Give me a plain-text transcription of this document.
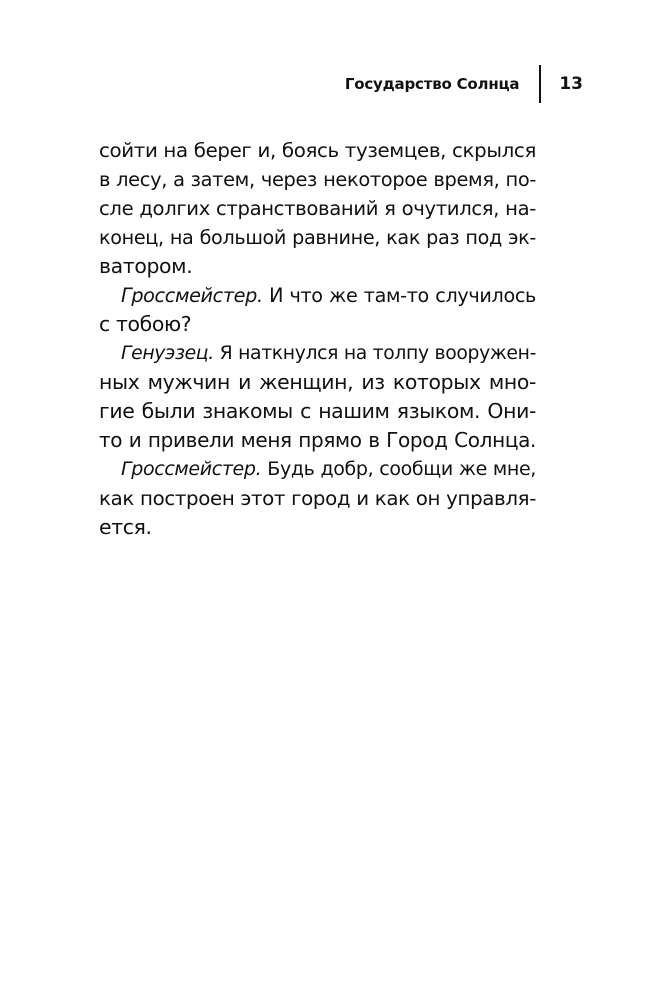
Государство Солнца 13
сойти на берег и, боясь туземцев, скрылся
в лесу, а затем, через некоторое время, по-
сле долгих странствований я очутился, на-
конец, на большой равнине, как раз под эк-
ватором.
Гроссмейстер. И что же там-то случилось
с тобою?
Генуэзец. Я наткнулся на толпу вооружен-
ных мужчин и женщин, из которых мно-
гие были знакомы с нашим языком. Они-
то и привели меня прямо в Город Солнца.
Гроссмейстер. Будь добр, сообщи же мне,
как построен этот город и как он управля-
ется.
